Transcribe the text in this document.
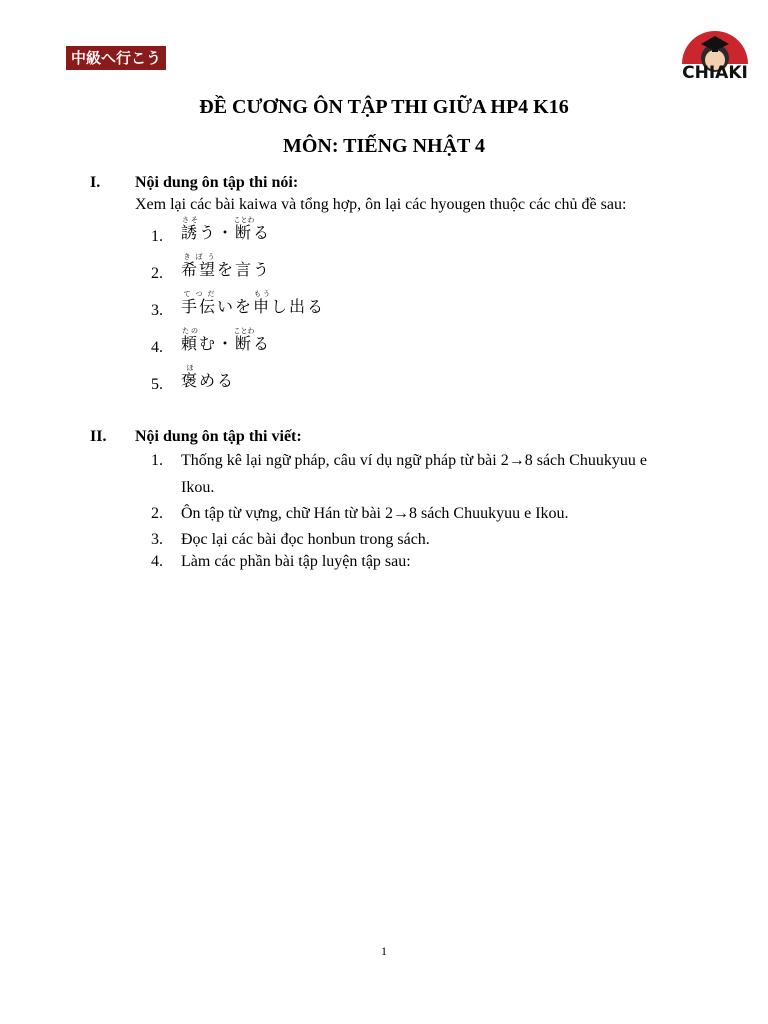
中級へ行こう
CHIAKI
ĐỀ CƯƠNG ÔN TẬP THI GIỮA HP4 K16
MÔN: TIẾNG NHẬT 4
I. Nội dung ôn tập thi nói:
Xem lại các bài kaiwa và tổng hợp, ôn lại các hyougen thuộc các chủ đề sau:
1. 誘さそう・断ことわる
2. 希望きぼうを言う
3. 手伝てつだいを申もうし出る
4. 頼たのむ・断ことわる
5. 褒ほめる
II. Nội dung ôn tập thi viết:
1. Thống kê lại ngữ pháp, câu ví dụ ngữ pháp từ bài 2→8 sách Chuukyuu e
Ikou.
2. Ôn tập từ vựng, chữ Hán từ bài 2→8 sách Chuukyuu e Ikou.
3. Đọc lại các bài đọc honbun trong sách.
4. Làm các phần bài tập luyện tập sau:
1
